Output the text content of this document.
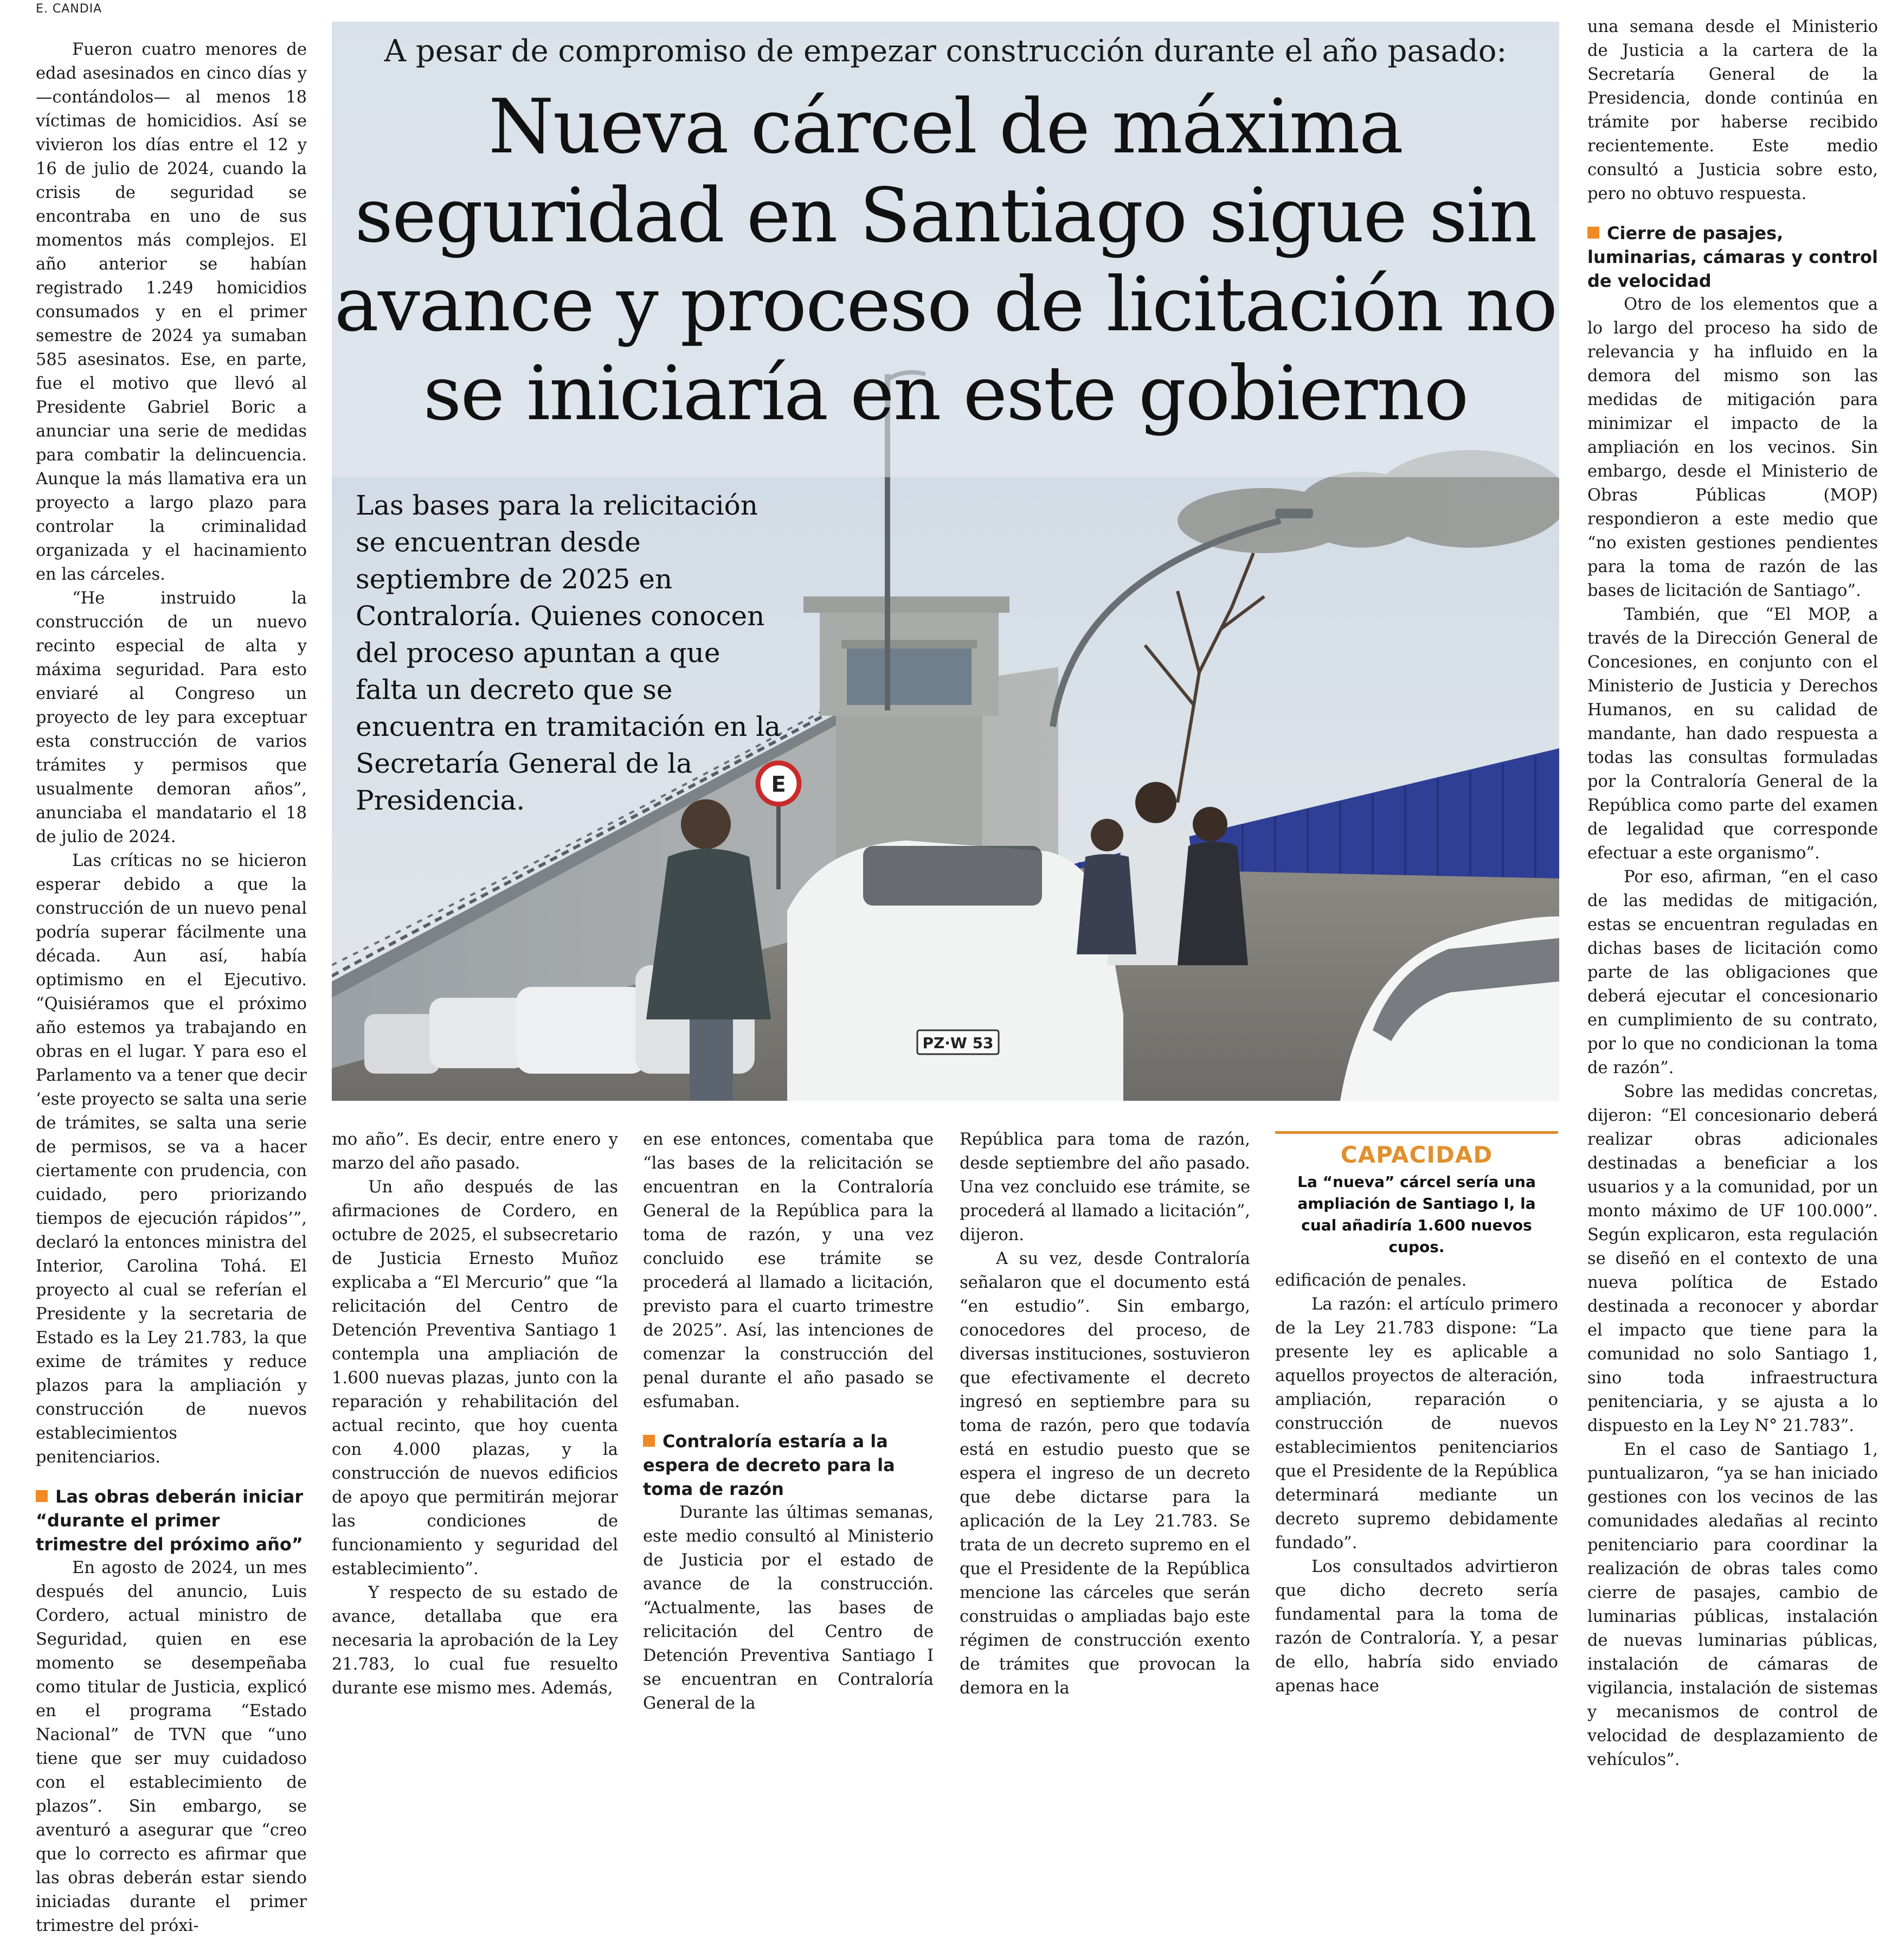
E. CANDIA
PZ·W 53
E
A pesar de compromiso de empezar construcción durante el año pasado:
Nueva cárcel de máxima seguridad en Santiago sigue sin avance y proceso de licitación no se iniciaría en este gobierno
Las bases para la relicitación se encuentran desde septiembre de 2025 en Contraloría. Quienes conocen del proceso apuntan a que falta un decreto que se encuentra en tramitación en la Secretaría General de la Presidencia.

Fueron cuatro menores de edad asesinados en cinco días y —contándolos— al menos 18 víctimas de homicidios. Así se vivieron los días entre el 12 y 16 de julio de 2024, cuando la crisis de seguridad se encontraba en uno de sus momentos más complejos. El año anterior se habían registrado 1.249 homicidios consumados y en el primer semestre de 2024 ya sumaban 585 asesinatos. Ese, en parte, fue el motivo que llevó al Presidente Gabriel Boric a anunciar una serie de medidas para combatir la delincuencia. Aunque la más llamativa era un proyecto a largo plazo para controlar la criminalidad organizada y el hacinamiento en las cárceles.

“He instruido la construcción de un nuevo recinto especial de alta y máxima seguridad. Para esto enviaré al Congreso un proyecto de ley para exceptuar esta construcción de varios trámites y permisos que usualmente demoran años”, anunciaba el mandatario el 18 de julio de 2024.

Las críticas no se hicieron esperar debido a que la construcción de un nuevo penal podría superar fácilmente una década. Aun así, había optimismo en el Ejecutivo. “Quisiéramos que el próximo año estemos ya trabajando en obras en el lugar. Y para eso el Parlamento va a tener que decir ‘este proyecto se salta una serie de trámites, se salta una serie de permisos, se va a hacer ciertamente con prudencia, con cuidado, pero priorizando tiempos de ejecución rápidos’”, declaró la entonces ministra del Interior, Carolina Tohá. El proyecto al cual se referían el Presidente y la secretaria de Estado es la Ley 21.783, la que exime de trámites y reduce plazos para la ampliación y construcción de nuevos establecimientos penitenciarios.

Las obras deberán iniciar “durante el primer trimestre del próximo año”

En agosto de 2024, un mes después del anuncio, Luis Cordero, actual ministro de Seguridad, quien en ese momento se desempeñaba como titular de Justicia, explicó en el programa “Estado Nacional” de TVN que “uno tiene que ser muy cuidadoso con el establecimiento de plazos”. Sin embargo, se aventuró a asegurar que “creo que lo correcto es afirmar que las obras deberán estar siendo iniciadas durante el primer trimestre del próxi-

mo año”. Es decir, entre enero y marzo del año pasado.

Un año después de las afirmaciones de Cordero, en octubre de 2025, el subsecretario de Justicia Ernesto Muñoz explicaba a “El Mercurio” que “la relicitación del Centro de Detención Preventiva Santiago 1 contempla una ampliación de 1.600 nuevas plazas, junto con la reparación y rehabilitación del actual recinto, que hoy cuenta con 4.000 plazas, y la construcción de nuevos edificios de apoyo que permitirán mejorar las condiciones de funcionamiento y seguridad del establecimiento”.

Y respecto de su estado de avance, detallaba que era necesaria la aprobación de la Ley 21.783, lo cual fue resuelto durante ese mismo mes. Además,

en ese entonces, comentaba que “las bases de la relicitación se encuentran en la Contraloría General de la República para la toma de razón, y una vez concluido ese trámite se procederá al llamado a licitación, previsto para el cuarto trimestre de 2025”. Así, las intenciones de comenzar la construcción del penal durante el año pasado se esfumaban.

Contraloría estaría a la espera de decreto para la toma de razón

Durante las últimas semanas, este medio consultó al Ministerio de Justicia por el estado de avance de la construcción. “Actualmente, las bases de relicitación del Centro de Detención Preventiva Santiago I se encuentran en Contraloría General de la

República para toma de razón, desde septiembre del año pasado. Una vez concluido ese trámite, se procederá al llamado a licitación”, dijeron.

A su vez, desde Contraloría señalaron que el documento está “en estudio”. Sin embargo, conocedores del proceso, de diversas instituciones, sostuvieron que efectivamente el decreto ingresó en septiembre para su toma de razón, pero que todavía está en estudio puesto que se espera el ingreso de un decreto que debe dictarse para la aplicación de la Ley 21.783. Se trata de un decreto supremo en el que el Presidente de la República mencione las cárceles que serán construidas o ampliadas bajo este régimen de construcción exento de trámites que provocan la demora en la

CAPACIDAD
La “nueva” cárcel sería una ampliación de Santiago I, la cual añadiría 1.600 nuevos cupos.

edificación de penales.

La razón: el artículo primero de la Ley 21.783 dispone: “La presente ley es aplicable a aquellos proyectos de alteración, ampliación, reparación o construcción de nuevos establecimientos penitenciarios que el Presidente de la República determinará mediante un decreto supremo debidamente fundado”.

Los consultados advirtieron que dicho decreto sería fundamental para la toma de razón de Contraloría. Y, a pesar de ello, habría sido enviado apenas hace

una semana desde el Ministerio de Justicia a la cartera de la Secretaría General de la Presidencia, donde continúa en trámite por haberse recibido recientemente. Este medio consultó a Justicia sobre esto, pero no obtuvo respuesta.

Cierre de pasajes, luminarias, cámaras y control de velocidad

Otro de los elementos que a lo largo del proceso ha sido de relevancia y ha influido en la demora del mismo son las medidas de mitigación para minimizar el impacto de la ampliación en los vecinos. Sin embargo, desde el Ministerio de Obras Públicas (MOP) respondieron a este medio que “no existen gestiones pendientes para la toma de razón de las bases de licitación de Santiago”.

También, que “El MOP, a través de la Dirección General de Concesiones, en conjunto con el Ministerio de Justicia y Derechos Humanos, en su calidad de mandante, han dado respuesta a todas las consultas formuladas por la Contraloría General de la República como parte del examen de legalidad que corresponde efectuar a este organismo”.

Por eso, afirman, “en el caso de las medidas de mitigación, estas se encuentran reguladas en dichas bases de licitación como parte de las obligaciones que deberá ejecutar el concesionario en cumplimiento de su contrato, por lo que no condicionan la toma de razón”.

Sobre las medidas concretas, dijeron: “El concesionario deberá realizar obras adicionales destinadas a beneficiar a los usuarios y a la comunidad, por un monto máximo de UF 100.000”. Según explicaron, esta regulación se diseñó en el contexto de una nueva política de Estado destinada a reconocer y abordar el impacto que tiene para la comunidad no solo Santiago 1, sino toda infraestructura penitenciaria, y se ajusta a lo dispuesto en la Ley N° 21.783”.

En el caso de Santiago 1, puntualizaron, “ya se han iniciado gestiones con los vecinos de las comunidades aledañas al recinto penitenciario para coordinar la realización de obras tales como cierre de pasajes, cambio de luminarias públicas, instalación de nuevas luminarias públicas, instalación de cámaras de vigilancia, instalación de sistemas y mecanismos de control de velocidad de desplazamiento de vehículos”.
